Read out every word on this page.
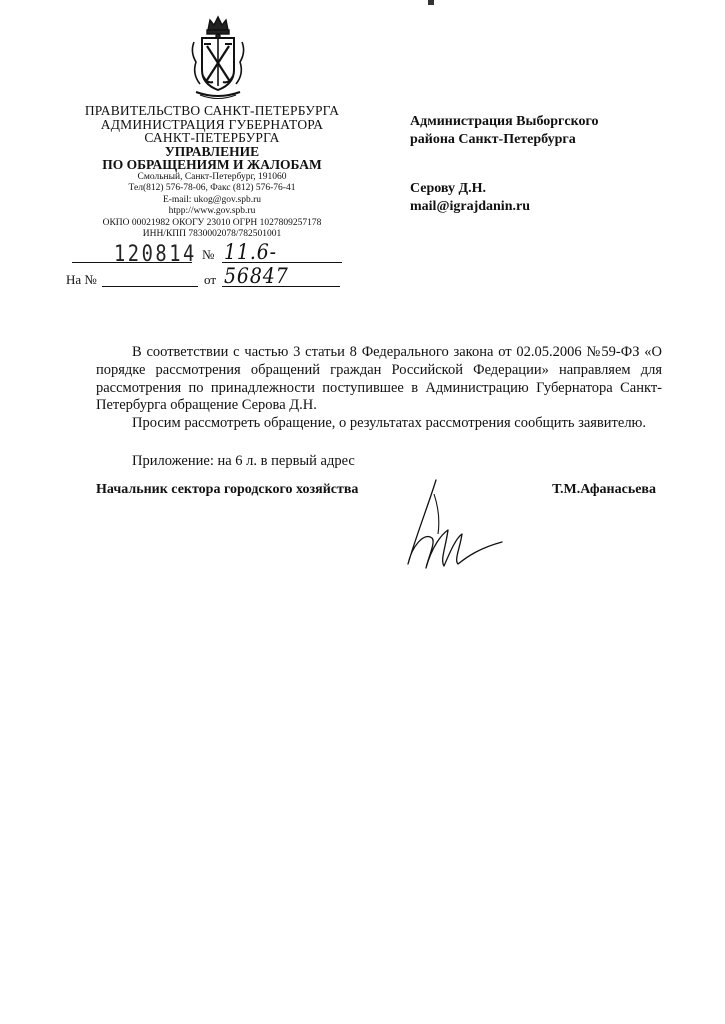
ПРАВИТЕЛЬСТВО САНКТ-ПЕТЕРБУРГА
АДМИНИСТРАЦИЯ ГУБЕРНАТОРА
САНКТ-ПЕТЕРБУРГА
УПРАВЛЕНИЕ
ПО ОБРАЩЕНИЯМ И ЖАЛОБАМ
Смольный, Санкт-Петербург, 191060
Тел(812) 576-78-06, Факс (812) 576-76-41
E-mail: ukog@gov.spb.ru
htpp://www.gov.spb.ru
ОКПО 00021982 ОКОГУ 23010 ОГРН 1027809257178
ИНН/КПП 7830002078/782501001
120814 № 11.6-56847
На №	от
Администрация Выборгского
района Санкт-Петербурга
Серову Д.Н.
mail@igrajdanin.ru

В соответствии с частью 3 статьи 8 Федерального закона от 02.05.2006 №59-ФЗ «О порядке рассмотрения обращений граждан Российской Федерации» направляем для рассмотрения по принадлежности поступившее в Администрацию Губернатора Санкт-Петербурга обращение Серова Д.Н.

Просим рассмотреть обращение, о результатах рассмотрения сообщить заявителю.

Приложение: на 6 л. в первый адрес

Начальник сектора городского хозяйства	Т.М.Афанасьева
